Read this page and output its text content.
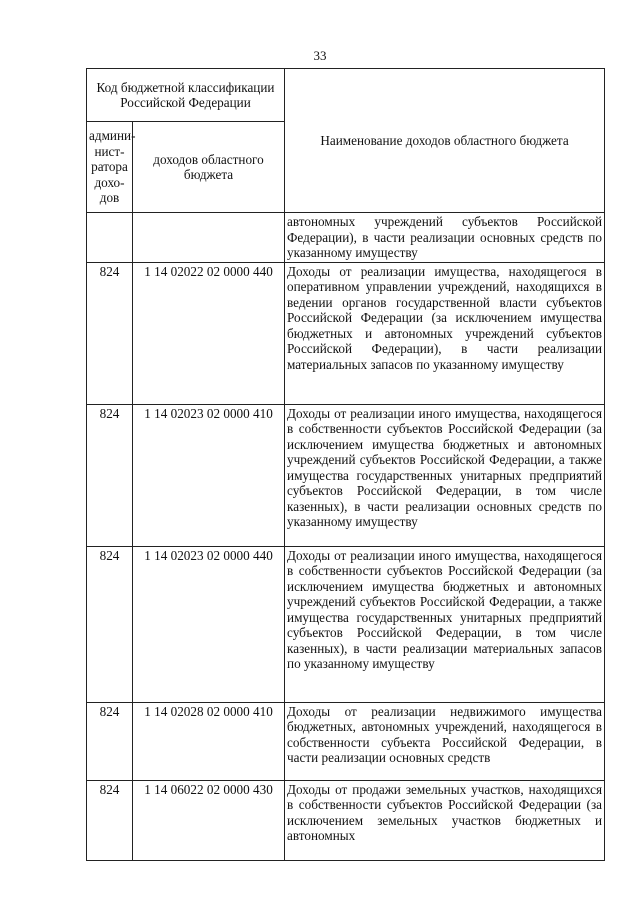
33
Код бюджетной классификации Российской Федерации		Наименование доходов областного бюджета
админи-нист-ратора дохо-дов	доходов областного бюджета	

		автономных учреждений субъектов Российской Федерации), в части реализации основных средств по указанному имуществу

824	1 14 02022 02 0000 440	Доходы от реализации имущества, находящегося в оперативном управлении учреждений, находящихся в ведении органов государственной власти субъектов Российской Федерации (за исключением имущества бюджетных и автономных учреждений субъектов Российской Федерации), в части реализации материальных запасов по указанному имуществу

824	1 14 02023 02 0000 410	Доходы от реализации иного имущества, находящегося в собственности субъектов Российской Федерации (за исключением имущества бюджетных и автономных учреждений субъектов Российской Федерации, а также имущества государственных унитарных предприятий субъектов Российской Федерации, в том числе казенных), в части реализации основных средств по указанному имуществу

824	1 14 02023 02 0000 440	Доходы от реализации иного имущества, находящегося в собственности субъектов Российской Федерации (за исключением имущества бюджетных и автономных учреждений субъектов Российской Федерации, а также имущества государственных унитарных предприятий субъектов Российской Федерации, в том числе казенных), в части реализации материальных запасов по указанному имуществу

824	1 14 02028 02 0000 410	Доходы от реализации недвижимого имущества бюджетных, автономных учреждений, находящегося в собственности субъекта Российской Федерации, в части реализации основных средств

824	1 14 06022 02 0000 430	Доходы от продажи земельных участков, находящихся в собственности субъектов Российской Федерации (за исключением земельных участков бюджетных и автономных
